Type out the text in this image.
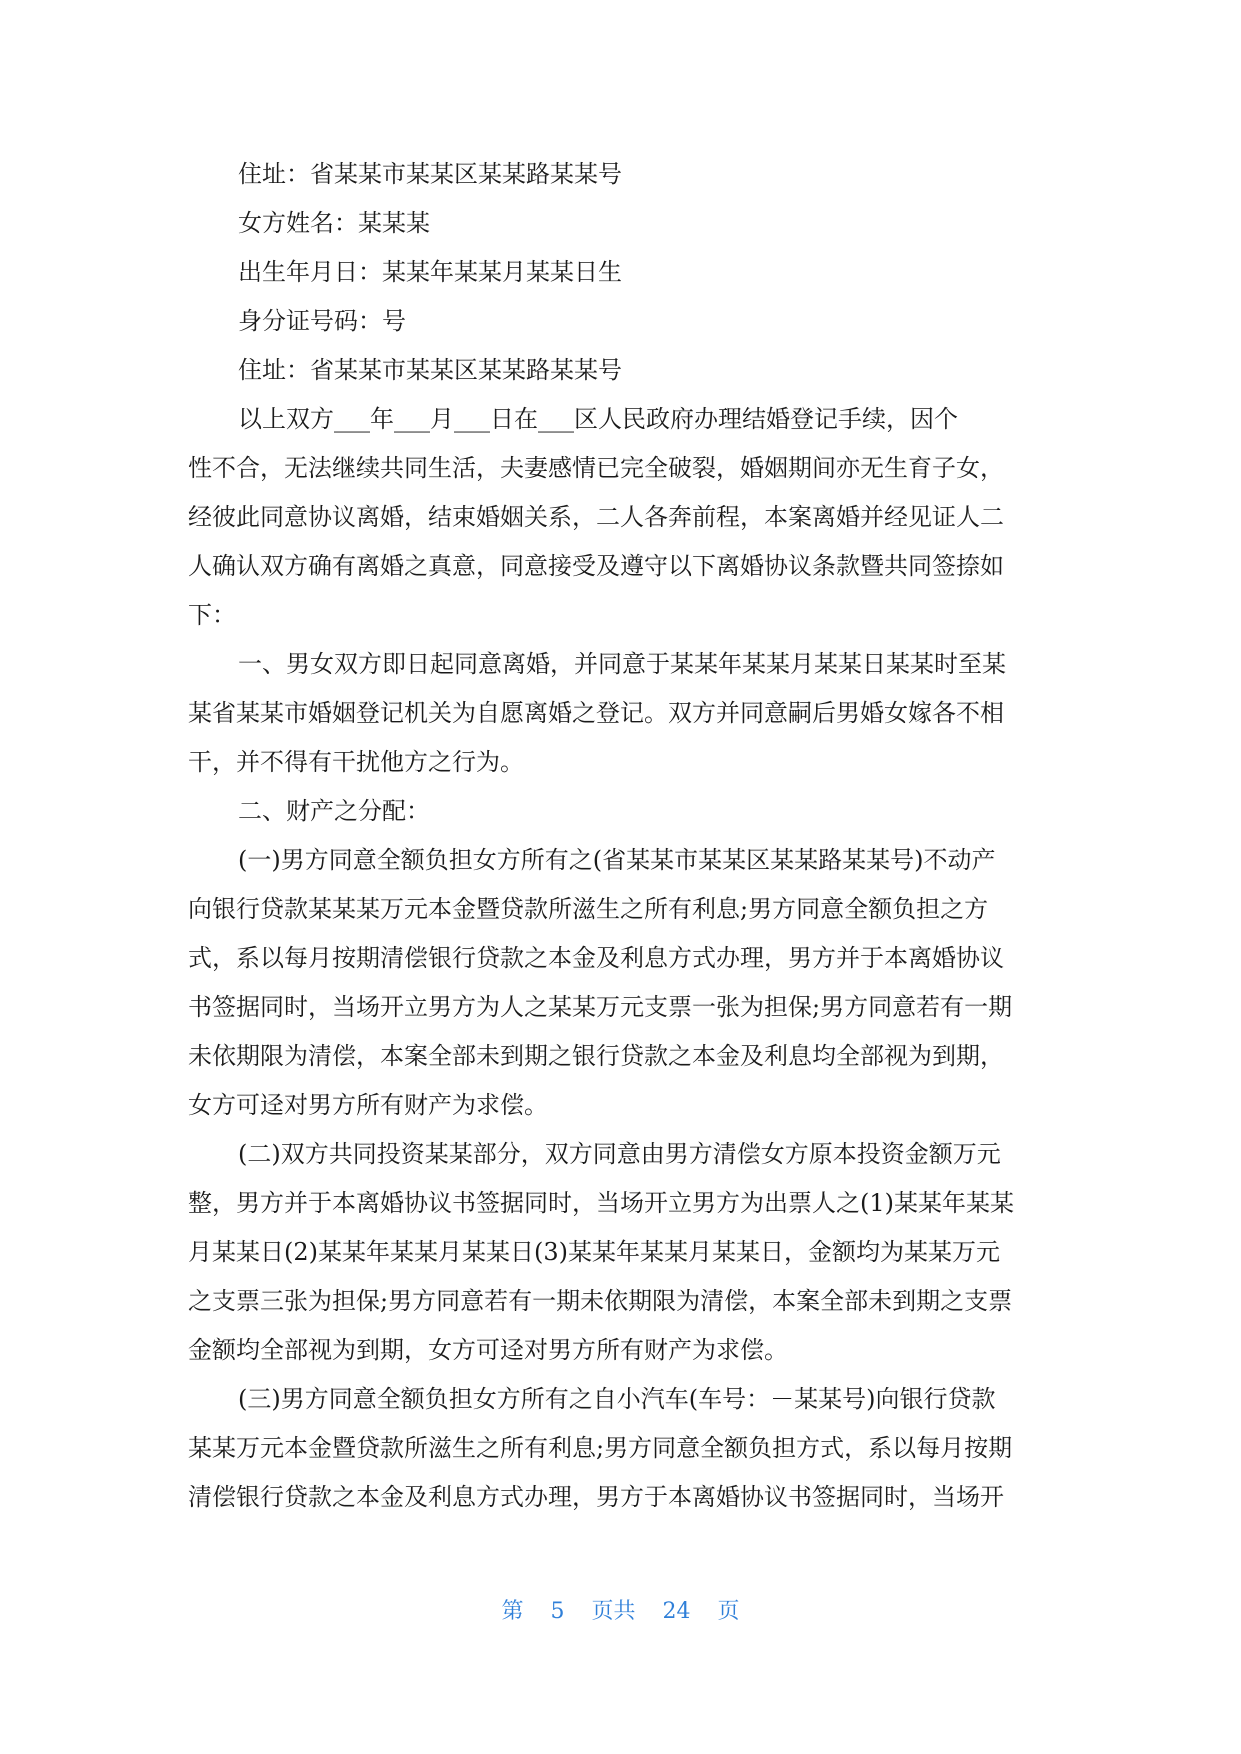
住址：省某某市某某区某某路某某号

女方姓名：某某某

出生年月日：某某年某某月某某日生

身分证号码：号

住址：省某某市某某区某某路某某号

以上双方___年___月___日在___区人民政府办理结婚登记手续，因个

性不合，无法继续共同生活，夫妻感情已完全破裂，婚姻期间亦无生育子女，

经彼此同意协议离婚，结束婚姻关系，二人各奔前程，本案离婚并经见证人二

人确认双方确有离婚之真意，同意接受及遵守以下离婚协议条款暨共同签捺如

下：

一、男女双方即日起同意离婚，并同意于某某年某某月某某日某某时至某

某省某某市婚姻登记机关为自愿离婚之登记。双方并同意嗣后男婚女嫁各不相

干，并不得有干扰他方之行为。

二、财产之分配：

(一)男方同意全额负担女方所有之(省某某市某某区某某路某某号)不动产

向银行贷款某某某万元本金暨贷款所滋生之所有利息;男方同意全额负担之方

式，系以每月按期清偿银行贷款之本金及利息方式办理，男方并于本离婚协议

书签据同时，当场开立男方为人之某某万元支票一张为担保;男方同意若有一期

未依期限为清偿，本案全部未到期之银行贷款之本金及利息均全部视为到期，

女方可迳对男方所有财产为求偿。

(二)双方共同投资某某部分，双方同意由男方清偿女方原本投资金额万元

整，男方并于本离婚协议书签据同时，当场开立男方为出票人之(1)某某年某某

月某某日(2)某某年某某月某某日(3)某某年某某月某某日，金额均为某某万元

之支票三张为担保;男方同意若有一期未依期限为清偿，本案全部未到期之支票

金额均全部视为到期，女方可迳对男方所有财产为求偿。

(三)男方同意全额负担女方所有之自小汽车(车号：－某某号)向银行贷款

某某万元本金暨贷款所滋生之所有利息;男方同意全额负担方式，系以每月按期

清偿银行贷款之本金及利息方式办理，男方于本离婚协议书签据同时，当场开

第 5 页共 24 页
